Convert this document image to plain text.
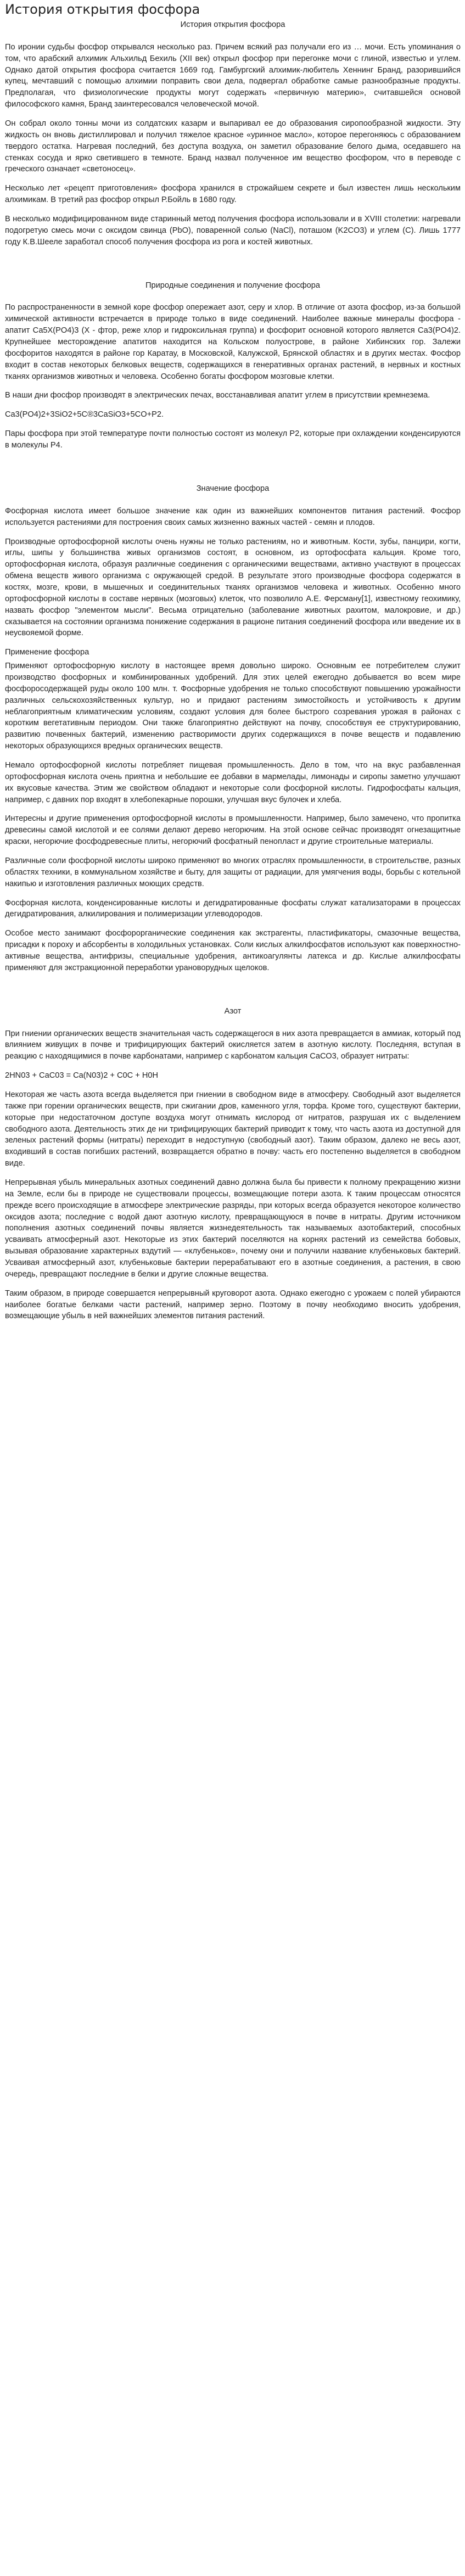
История открытия фосфора
История открытия фосфора

По иронии судьбы фосфор открывался несколько раз. Причем всякий раз получали его из … мочи. Есть упоминания о том, что арабский алхимик Альхильд Бехиль (XII век) открыл фосфор при перегонке мочи с глиной, известью и углем. Однако датой открытия фосфора считается 1669 год. Гамбургский алхимик-любитель Хеннинг Бранд, разорившийся купец, мечтавший с помощью алхимии поправить свои дела, подвергал обработке самые разнообразные продукты. Предполагая, что физиологические продукты могут содержать «первичную материю», считавшейся основой философского камня, Бранд заинтересовался человеческой мочой.

Он собрал около тонны мочи из солдатских казарм и выпаривал ее до образования сиропообразной жидкости. Эту жидкость он вновь дистиллировал и получил тяжелое красное «уринное масло», которое перегоняюсь с образованием твердого остатка. Нагревая последний, без доступа воздуха, он заметил образование белого дыма, оседавшего на стенках сосуда и ярко светившего в темноте. Бранд назвал полученное им вещество фосфором, что в переводе с греческого означает «светоносец».

Несколько лет «рецепт приготовления» фосфора хранился в строжайшем секрете и был известен лишь нескольким алхимикам. В третий раз фосфор открыл Р.Бойль в 1680 году.

В несколько модифицированном виде старинный метод получения фосфора использовали и в XVIII столетии: нагревали подогретую смесь мочи с оксидом свинца (PbO), поваренной солью (NaCl), поташом (K2CO3) и углем (C). Лишь 1777 году К.В.Шееле заработал способ получения фосфора из рога и костей животных.

Природные соединения и получение фосфора

По распространенности в земной коре фосфор опережает азот, серу и хлор. В отличие от азота фосфор, из-за большой химической активности встречается в природе только в виде соединений. Наиболее важные минералы фосфора - апатит Са5X(PO4)3 (X - фтор, реже хлор и гидроксильная группа) и фосфорит основной которого является Са3(PO4)2. Крупнейшее месторождение апатитов находится на Кольском полуострове, в районе Хибинских гор. Залежи фосфоритов находятся в районе гор Каратау, в Московской, Калужской, Брянской областях и в других местах. Фосфор входит в состав некоторых белковых веществ, содержащихся в генеративных органах растений, в нервных и костных тканях организмов животных и человека. Особенно богаты фосфором мозговые клетки.

В наши дни фосфор производят в электрических печах, восстанавливая апатит углем в присутствии кремнезема.

Ca3(PO4)2+3SiO2+5C®3CaSiO3+5CO+P2.

Пары фосфора при этой температуре почти полностью состоят из молекул Р2, которые при охлаждении конденсируются в молекулы Р4.

Значение фосфора

Фосфорная кислота имеет большое значение как один из важнейших компонентов питания растений. Фосфор используется растениями для построения своих самых жизненно важных частей - семян и плодов.

Производные ортофосфорной кислоты очень нужны не только растениям, но и животным. Кости, зубы, панцири, когти, иглы, шипы у большинства живых организмов состоят, в основном, из ортофосфата кальция. Кроме того, ортофосфорная кислота, образуя различные соединения с органическими веществами, активно участвуют в процессах обмена веществ живого организма с окружающей средой. В результате этого производные фосфора содержатся в костях, мозге, крови, в мышечных и соединительных тканях организмов человека и животных. Особенно много ортофосфорной кислоты в составе нервных (мозговых) клеток, что позволило А.Е. Ферсману[1], известному геохимику, назвать фосфор "элементом мысли". Весьма отрицательно (заболевание животных рахитом, малокровие, и др.) сказывается на состоянии организма понижение содержания в рационе питания соединений фосфора или введение их в неусвояемой форме.

Применение фосфора

Применяют ортофосфорную кислоту в настоящее время довольно широко. Основным ее потребителем служит производство фосфорных и комбинированных удобрений. Для этих целей ежегодно добывается во всем мире фосфоросодержащей руды около 100 млн. т. Фосфорные удобрения не только способствуют повышению урожайности различных сельскохозяйственных культур, но и придают растениям зимостойкость и устойчивость к другим неблагоприятным климатическим условиям, создают условия для более быстрого созревания урожая в районах с коротким вегетативным периодом. Они также благоприятно действуют на почву, способствуя ее структурированию, развитию почвенных бактерий, изменению растворимости других содержащихся в почве веществ и подавлению некоторых образующихся вредных органических веществ.

Немало ортофосфорной кислоты потребляет пищевая промышленность. Дело в том, что на вкус разбавленная ортофосфорная кислота очень приятна и небольшие ее добавки в мармелады, лимонады и сиропы заметно улучшают их вкусовые качества. Этим же свойством обладают и некоторые соли фосфорной кислоты. Гидрофосфаты кальция, например, с давних пор входят в хлебопекарные порошки, улучшая вкус булочек и хлеба.

Интересны и другие применения ортофосфорной кислоты в промышленности. Например, было замечено, что пропитка древесины самой кислотой и ее солями делают дерево негорючим. На этой основе сейчас производят огнезащитные краски, негорючие фосфодревесные плиты, негорючий фосфатный пенопласт и другие строительные материалы.

Различные соли фосфорной кислоты широко применяют во многих отраслях промышленности, в строительстве, разных областях техники, в коммунальном хозяйстве и быту, для защиты от радиации, для умягчения воды, борьбы с котельной накипью и изготовления различных моющих средств.

Фосфорная кислота, конденсированные кислоты и дегидратированные фосфаты служат катализаторами в процессах дегидратирования, алкилирования и полимеризации углеводородов.

Особое место занимают фосфорорганические соединения как экстрагенты, пластификаторы, смазочные вещества, присадки к пороху и абсорбенты в холодильных установках. Соли кислых алкилфосфатов используют как поверхностно-активные вещества, антифризы, специальные удобрения, антикоагулянты латекса и др. Кислые алкилфосфаты применяют для экстракционной переработки урановорудных щелоков.

Азот

При гниении органических веществ значительная часть содержащегося в них азота превращается в аммиак, который под влиянием живущих в почве и трифицирующих бактерий окисляется затем в азотную кислоту. Последняя, вступая в реакцию с находящимися в почве карбонатами, например с карбонатом кальция СаСО3, образует нитраты:

2HN03 + CaC03 = Ca(N03)2 + C0C + H0H

Некоторая же часть азота всегда выделяется при гниении в свободном виде в атмосферу. Свободный азот выделяется также при горении органических веществ, при сжигании дров, каменного угля, торфа. Кроме того, существуют бактерии, которые при недостаточном доступе воздуха могут отнимать кислород от нитратов, разрушая их с выделением свободного азота. Деятельность этих де ни трифицирующих бактерий приводит к тому, что часть азота из доступной для зеленых растений формы (нитраты) переходит в недоступную (свободный азот). Таким образом, далеко не весь азот, входивший в состав погибших растений, возвращается обратно в почву: часть его постепенно выделяется в свободном виде.

Непрерывная убыль минеральных азотных соединений давно должна была бы привести к полному прекращению жизни на Земле, если бы в природе не существовали процессы, возмещающие потери азота. К таким процессам относятся прежде всего происходящие в атмосфере электрические разряды, при которых всегда образуется некоторое количество оксидов азота; последние с водой дают азотную кислоту, превращающуюся в почве в нитраты. Другим источником пополнения азотных соединений почвы является жизнедеятельность так называемых азотобактерий, способных усваивать атмосферный азот. Некоторые из этих бактерий поселяются на корнях растений из семейства бобовых, вызывая образование характерных вздутий — «клубеньков», почему они и получили название клубеньковых бактерий. Усваивая атмосферный азот, клубеньковые бактерии перерабатывают его в азотные соединения, а растения, в свою очередь, превращают последние в белки и другие сложные вещества.

Таким образом, в природе совершается непрерывный круговорот азота. Однако ежегодно с урожаем с полей убираются наиболее богатые белками части растений, например зерно. Поэтому в почву необходимо вносить удобрения, возмещающие убыль в ней важнейших элементов питания растений.
